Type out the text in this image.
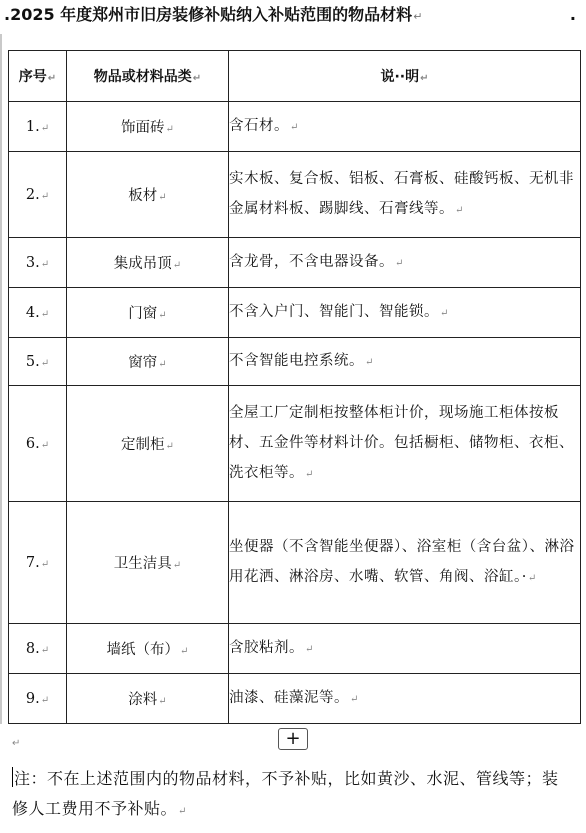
.2025 年度郑州市旧房装修补贴纳入补贴范围的物品材料↵	.
序号↵	物品或材料品类↵	说··明↵
1.↵	饰面砖↵	含石材。↵
2.↵	板材↵	实木板、复合板、铝板、石膏板、硅酸钙板、无机非金属材料板、踢脚线、石膏线等。↵
3.↵	集成吊顶↵	含龙骨，不含电器设备。↵
4.↵	门窗↵	不含入户门、智能门、智能锁。↵
5.↵	窗帘↵	不含智能电控系统。↵
6.↵	定制柜↵	全屋工厂定制柜按整体柜计价，现场施工柜体按板材、五金件等材料计价。包括橱柜、储物柜、衣柜、洗衣柜等。↵
7.↵	卫生洁具↵	坐便器（不含智能坐便器）、浴室柜（含台盆）、淋浴用花洒、淋浴房、水嘴、软管、角阀、浴缸。·↵
8.↵	墙纸（布）↵	含胶粘剂。↵
9.↵	涂料↵	油漆、硅藻泥等。↵
↵	+
注：不在上述范围内的物品材料，不予补贴，比如黄沙、水泥、管线等；装修人工费用不予补贴。↵
